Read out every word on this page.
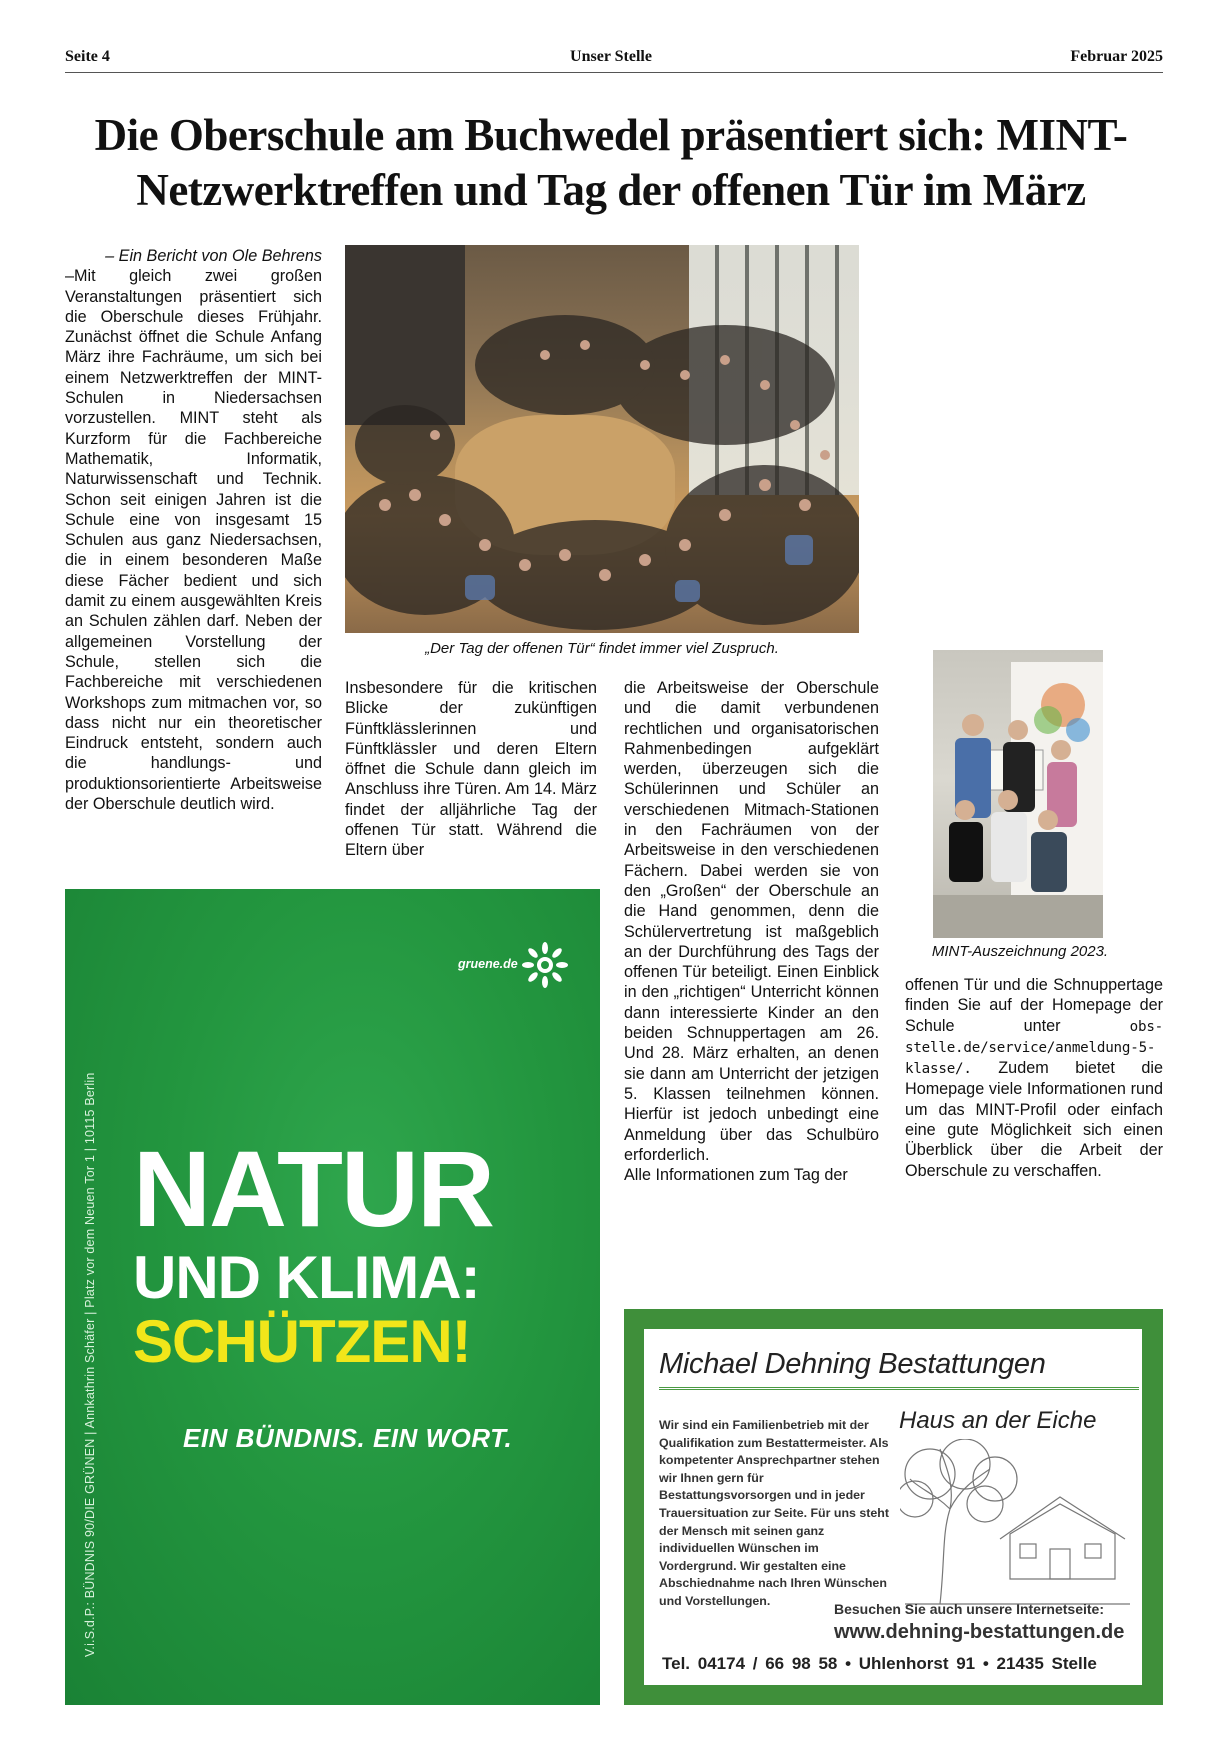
Seite 4	Unser Stelle	Februar 2025
Die Oberschule am Buchwedel präsentiert sich: MINT-
Netzwerktreffen und Tag der offenen Tür im März

– Ein Bericht von Ole Behrens

–Mit gleich zwei großen Veranstaltungen präsentiert sich die Oberschule dieses Frühjahr. Zunächst öffnet die Schule Anfang März ihre Fachräume, um sich bei einem Netzwerktreffen der MINT-Schulen in Niedersachsen vorzustellen. MINT steht als Kurzform für die Fachbereiche Mathematik, Informatik, Naturwissenschaft und Technik. Schon seit einigen Jahren ist die Schule eine von insgesamt 15 Schulen aus ganz Niedersachsen, die in einem besonderen Maße diese Fächer bedient und sich damit zu einem ausgewählten Kreis an Schulen zählen darf. Neben der allgemeinen Vorstellung der Schule, stellen sich die Fachbereiche mit verschiedenen Workshops zum mitmachen vor, so dass nicht nur ein theoretischer Eindruck entsteht, sondern auch die handlungs- und produktionsorientierte Arbeitsweise der Oberschule deutlich wird.

„Der Tag der offenen Tür“ findet immer viel Zuspruch.

Insbesondere für die kritischen Blicke der zukünftigen Fünftklässlerinnen und Fünftklässler und deren Eltern öffnet die Schule dann gleich im Anschluss ihre Türen. Am 14. März findet der alljährliche Tag der offenen Tür statt. Während die Eltern über

die Arbeitsweise der Oberschule und die damit verbundenen rechtlichen und organisatorischen Rahmenbedingen aufgeklärt werden, überzeugen sich die Schülerinnen und Schüler an verschiedenen Mitmach-Stationen in den Fachräumen von der Arbeitsweise in den verschiedenen Fächern. Dabei werden sie von den „Großen“ der Oberschule an die Hand genommen, denn die Schülervertretung ist maßgeblich an der Durchführung des Tags der offenen Tür beteiligt. Einen Einblick in den „richtigen“ Unterricht können dann interessierte Kinder an den beiden Schnuppertagen am 26. Und 28. März erhalten, an denen sie dann am Unterricht der jetzigen 5. Klassen teilnehmen können. Hierfür ist jedoch unbedingt eine Anmeldung über das Schulbüro erforderlich.

Alle Informationen zum Tag der

MINT-Auszeichnung 2023.

offenen Tür und die Schnuppertage finden Sie auf der Homepage der Schule unter	obs-stelle.de/service/anmeldung-5-klasse/. Zudem bietet die Homepage viele Informationen rund um das MINT-Profil oder einfach eine gute Möglichkeit sich einen Überblick über die Arbeit der Oberschule zu verschaffen.

V.i.S.d.P.: BÜNDNIS 90/DIE GRÜNEN | Annkathrin Schäfer | Platz vor dem Neuen Tor 1 | 10115 Berlin
gruene.de
NATUR
UND KLIMA:
SCHÜTZEN!
EIN BÜNDNIS. EIN WORT.
Michael Dehning Bestattungen
Haus an der Eiche
Wir sind ein Familienbetrieb mit der Qualifikation zum Bestattermeister. Als kompetenter Ansprechpartner stehen wir Ihnen gern für Bestattungsvorsorgen und in jeder Trauersituation zur Seite. Für uns steht der Mensch mit seinen ganz individuellen Wünschen im Vordergrund. Wir gestalten eine Abschiednahme nach Ihren Wünschen und Vorstellungen.
Besuchen Sie auch unsere Internetseite:
www.dehning-bestattungen.de
Tel. 04174 / 66 98 58 • Uhlenhorst 91 • 21435 Stelle
